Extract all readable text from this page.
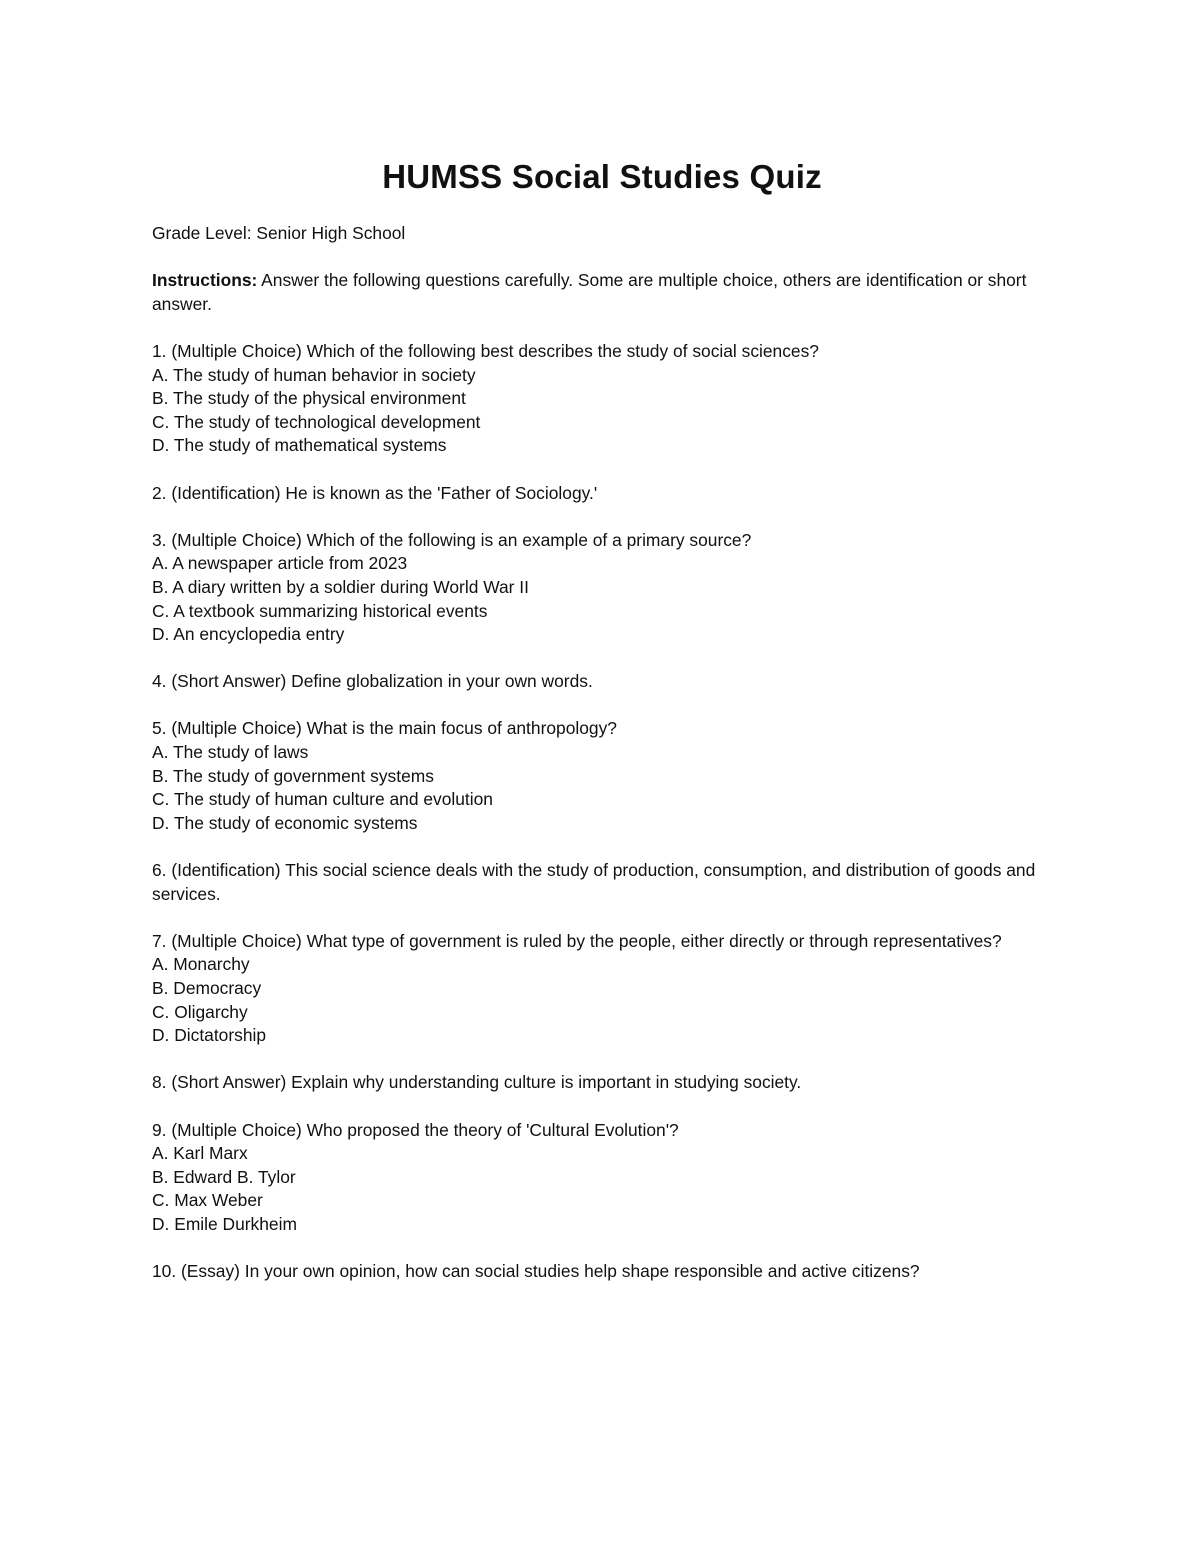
HUMSS Social Studies Quiz

Grade Level: Senior High School

Instructions: Answer the following questions carefully. Some are multiple choice, others are identification or short answer.

1. (Multiple Choice) Which of the following best describes the study of social sciences?
A. The study of human behavior in society
B. The study of the physical environment
C. The study of technological development
D. The study of mathematical systems
2. (Identification) He is known as the 'Father of Sociology.'
3. (Multiple Choice) Which of the following is an example of a primary source?
A. A newspaper article from 2023
B. A diary written by a soldier during World War II
C. A textbook summarizing historical events
D. An encyclopedia entry
4. (Short Answer) Define globalization in your own words.
5. (Multiple Choice) What is the main focus of anthropology?
A. The study of laws
B. The study of government systems
C. The study of human culture and evolution
D. The study of economic systems
6. (Identification) This social science deals with the study of production, consumption, and distribution of goods and services.
7. (Multiple Choice) What type of government is ruled by the people, either directly or through representatives?
A. Monarchy
B. Democracy
C. Oligarchy
D. Dictatorship
8. (Short Answer) Explain why understanding culture is important in studying society.
9. (Multiple Choice) Who proposed the theory of 'Cultural Evolution'?
A. Karl Marx
B. Edward B. Tylor
C. Max Weber
D. Emile Durkheim
10. (Essay) In your own opinion, how can social studies help shape responsible and active citizens?
